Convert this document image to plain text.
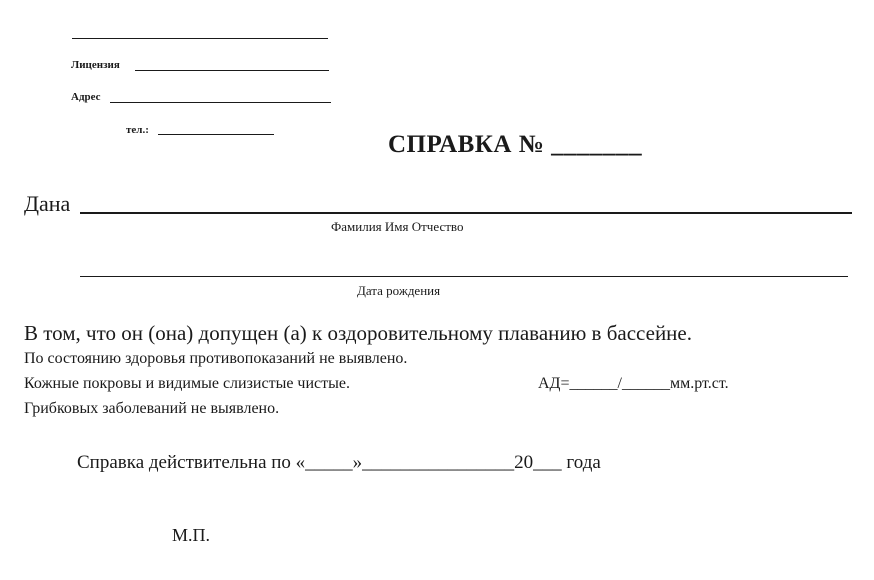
Лицензия
Адрес
тел.:
СПРАВКА № _______
Дана
Фамилия Имя Отчество
Дата рождения
В том, что он (она) допущен (а) к оздоровительному плаванию в бассейне.
По состоянию здоровья противопоказаний не выявлено.
Кожные покровы и видимые слизистые чистые.	АД=______/______мм.рт.ст.
Грибковых заболеваний не выявлено.
Справка действительна по «_____»________________20___ года
М.П.
